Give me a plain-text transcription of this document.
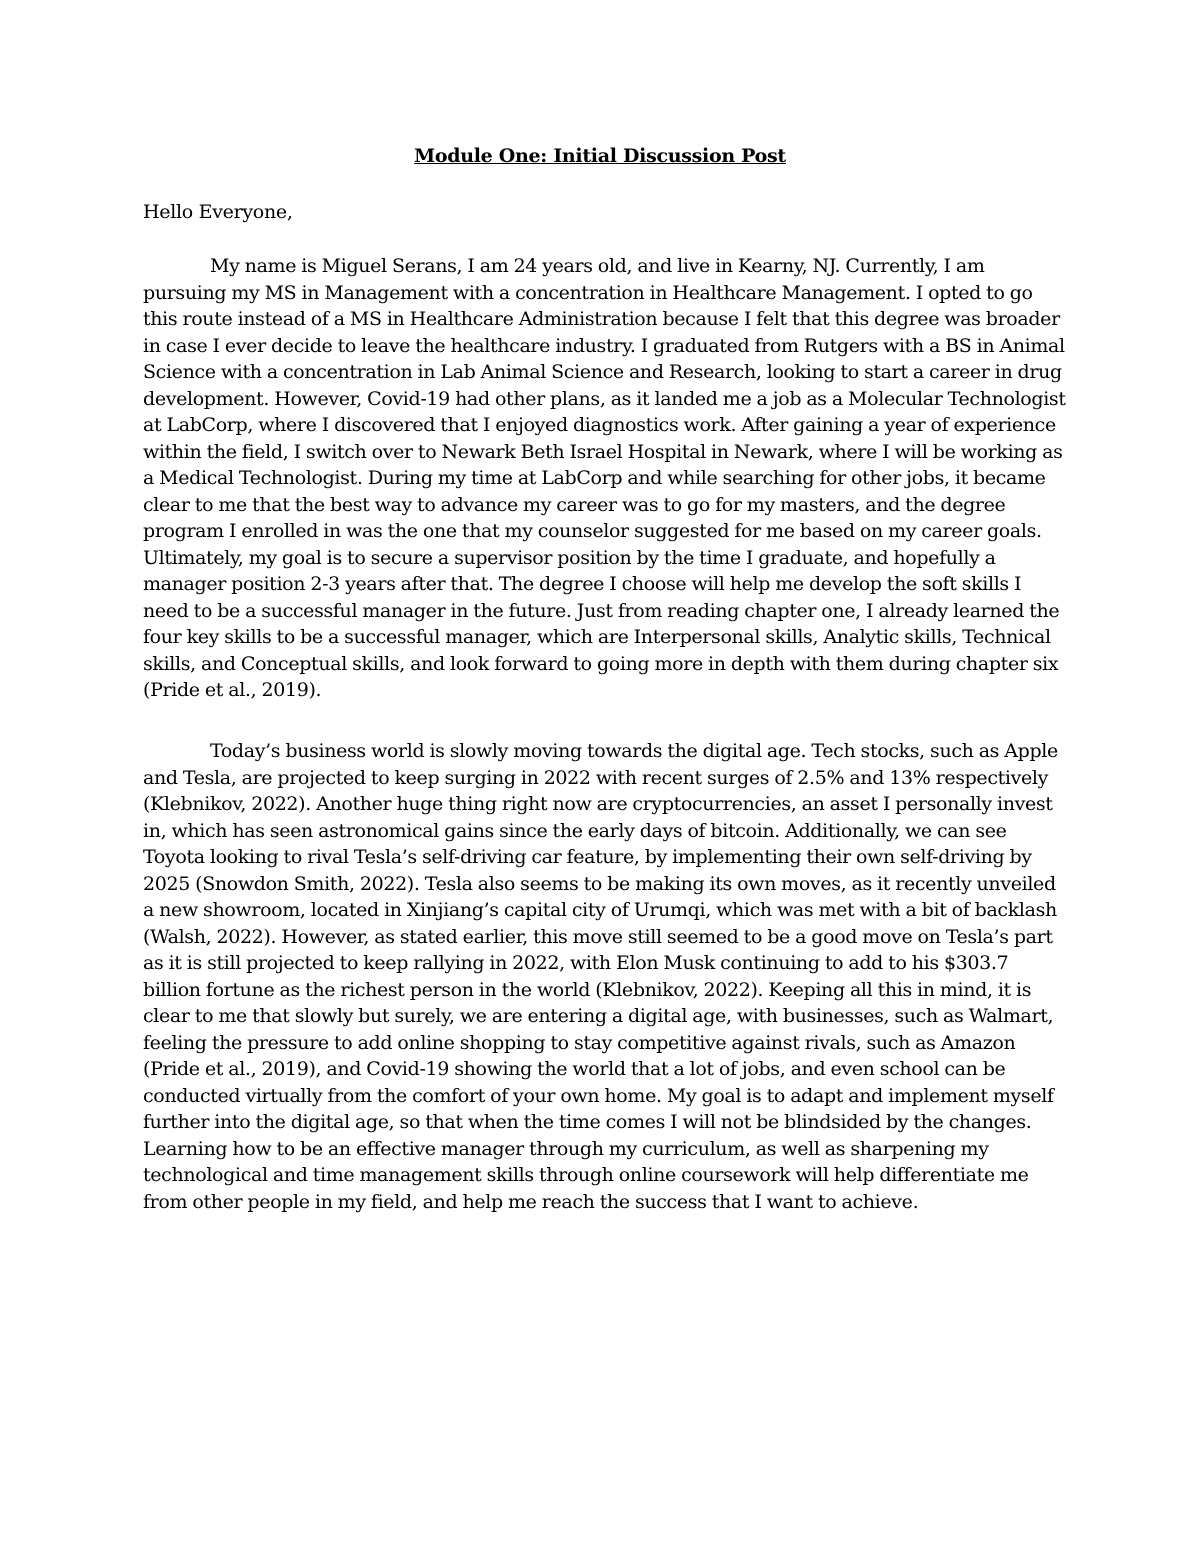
Module One: Initial Discussion Post
Hello Everyone,

My name is Miguel Serans, I am 24 years old, and live in Kearny, NJ. Currently, I am pursuing my MS in Management with a concentration in Healthcare Management. I opted to go this route instead of a MS in Healthcare Administration because I felt that this degree was broader in case I ever decide to leave the healthcare industry. I graduated from Rutgers with a BS in Animal Science with a concentration in Lab Animal Science and Research, looking to start a career in drug development. However, Covid-19 had other plans, as it landed me a job as a Molecular Technologist at LabCorp, where I discovered that I enjoyed diagnostics work. After gaining a year of experience within the field, I switch over to Newark Beth Israel Hospital in Newark, where I will be working as a Medical Technologist. During my time at LabCorp and while searching for other jobs, it became clear to me that the best way to advance my career was to go for my masters, and the degree program I enrolled in was the one that my counselor suggested for me based on my career goals. Ultimately, my goal is to secure a supervisor position by the time I graduate, and hopefully a manager position 2-3 years after that. The degree I choose will help me develop the soft skills I need to be a successful manager in the future. Just from reading chapter one, I already learned the four key skills to be a successful manager, which are Interpersonal skills, Analytic skills, Technical skills, and Conceptual skills, and look forward to going more in depth with them during chapter six (Pride et al., 2019).

Today’s business world is slowly moving towards the digital age. Tech stocks, such as Apple and Tesla, are projected to keep surging in 2022 with recent surges of 2.5% and 13% respectively (Klebnikov, 2022). Another huge thing right now are cryptocurrencies, an asset I personally invest in, which has seen astronomical gains since the early days of bitcoin. Additionally, we can see Toyota looking to rival Tesla’s self-driving car feature, by implementing their own self-driving by 2025 (Snowdon Smith, 2022). Tesla also seems to be making its own moves, as it recently unveiled a new showroom, located in Xinjiang’s capital city of Urumqi, which was met with a bit of backlash (Walsh, 2022). However, as stated earlier, this move still seemed to be a good move on Tesla’s part as it is still projected to keep rallying in 2022, with Elon Musk continuing to add to his $303.7 billion fortune as the richest person in the world (Klebnikov, 2022). Keeping all this in mind, it is clear to me that slowly but surely, we are entering a digital age, with businesses, such as Walmart, feeling the pressure to add online shopping to stay competitive against rivals, such as Amazon (Pride et al., 2019), and Covid-19 showing the world that a lot of jobs, and even school can be conducted virtually from the comfort of your own home. My goal is to adapt and implement myself further into the digital age, so that when the time comes I will not be blindsided by the changes. Learning how to be an effective manager through my curriculum, as well as sharpening my technological and time management skills through online coursework will help differentiate me from other people in my field, and help me reach the success that I want to achieve.
